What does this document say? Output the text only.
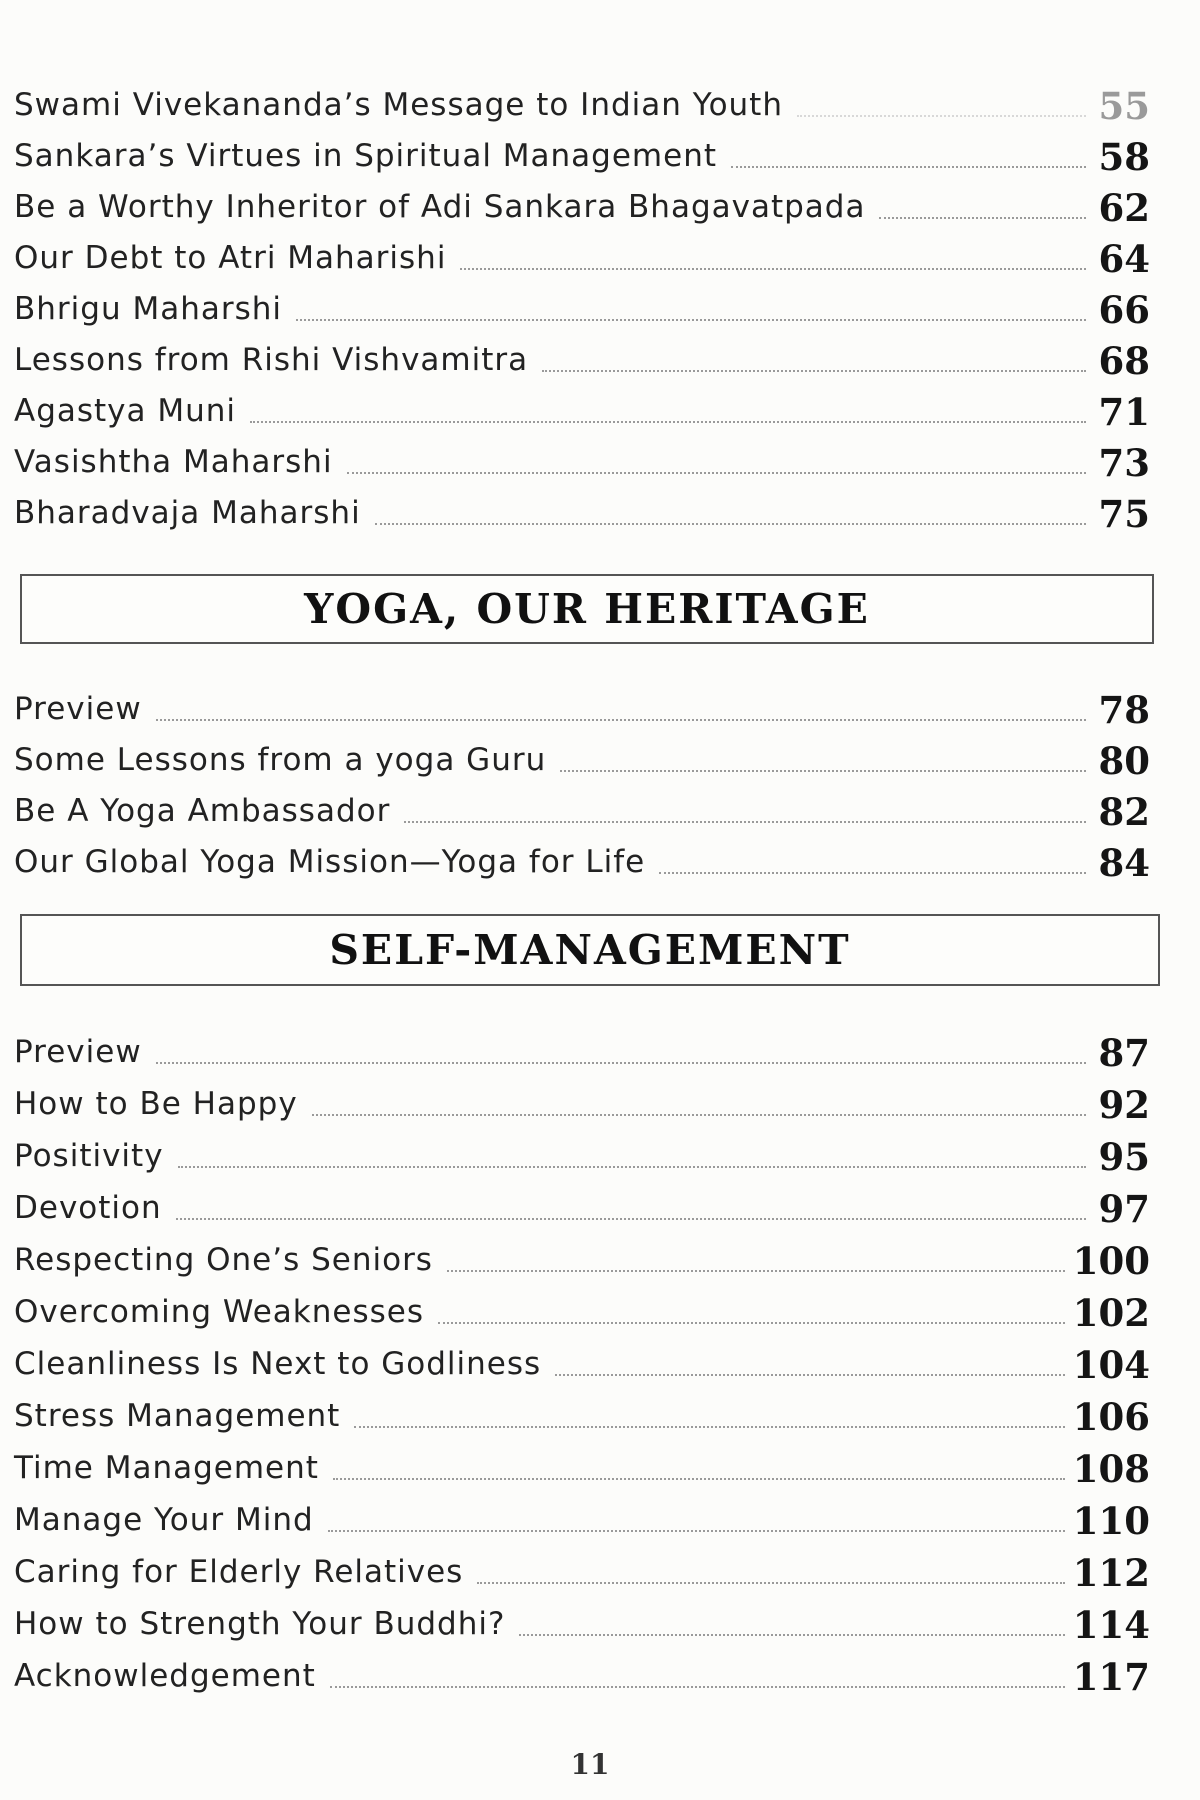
Swami Vivekananda’s Message to Indian Youth	55
Sankara’s Virtues in Spiritual Management	58
Be a Worthy Inheritor of Adi Sankara Bhagavatpada	62
Our Debt to Atri Maharishi	64
Bhrigu Maharshi	66
Lessons from Rishi Vishvamitra	68
Agastya Muni	71
Vasishtha Maharshi	73
Bharadvaja Maharshi	75
YOGA, OUR HERITAGE
Preview	78
Some Lessons from a yoga Guru	80
Be A Yoga Ambassador	82
Our Global Yoga Mission—Yoga for Life	84
SELF-MANAGEMENT
Preview	87
How to Be Happy	92
Positivity	95
Devotion	97
Respecting One’s Seniors	100
Overcoming Weaknesses	102
Cleanliness Is Next to Godliness	104
Stress Management	106
Time Management	108
Manage Your Mind	110
Caring for Elderly Relatives	112
How to Strength Your Buddhi?	114
Acknowledgement	117
11
